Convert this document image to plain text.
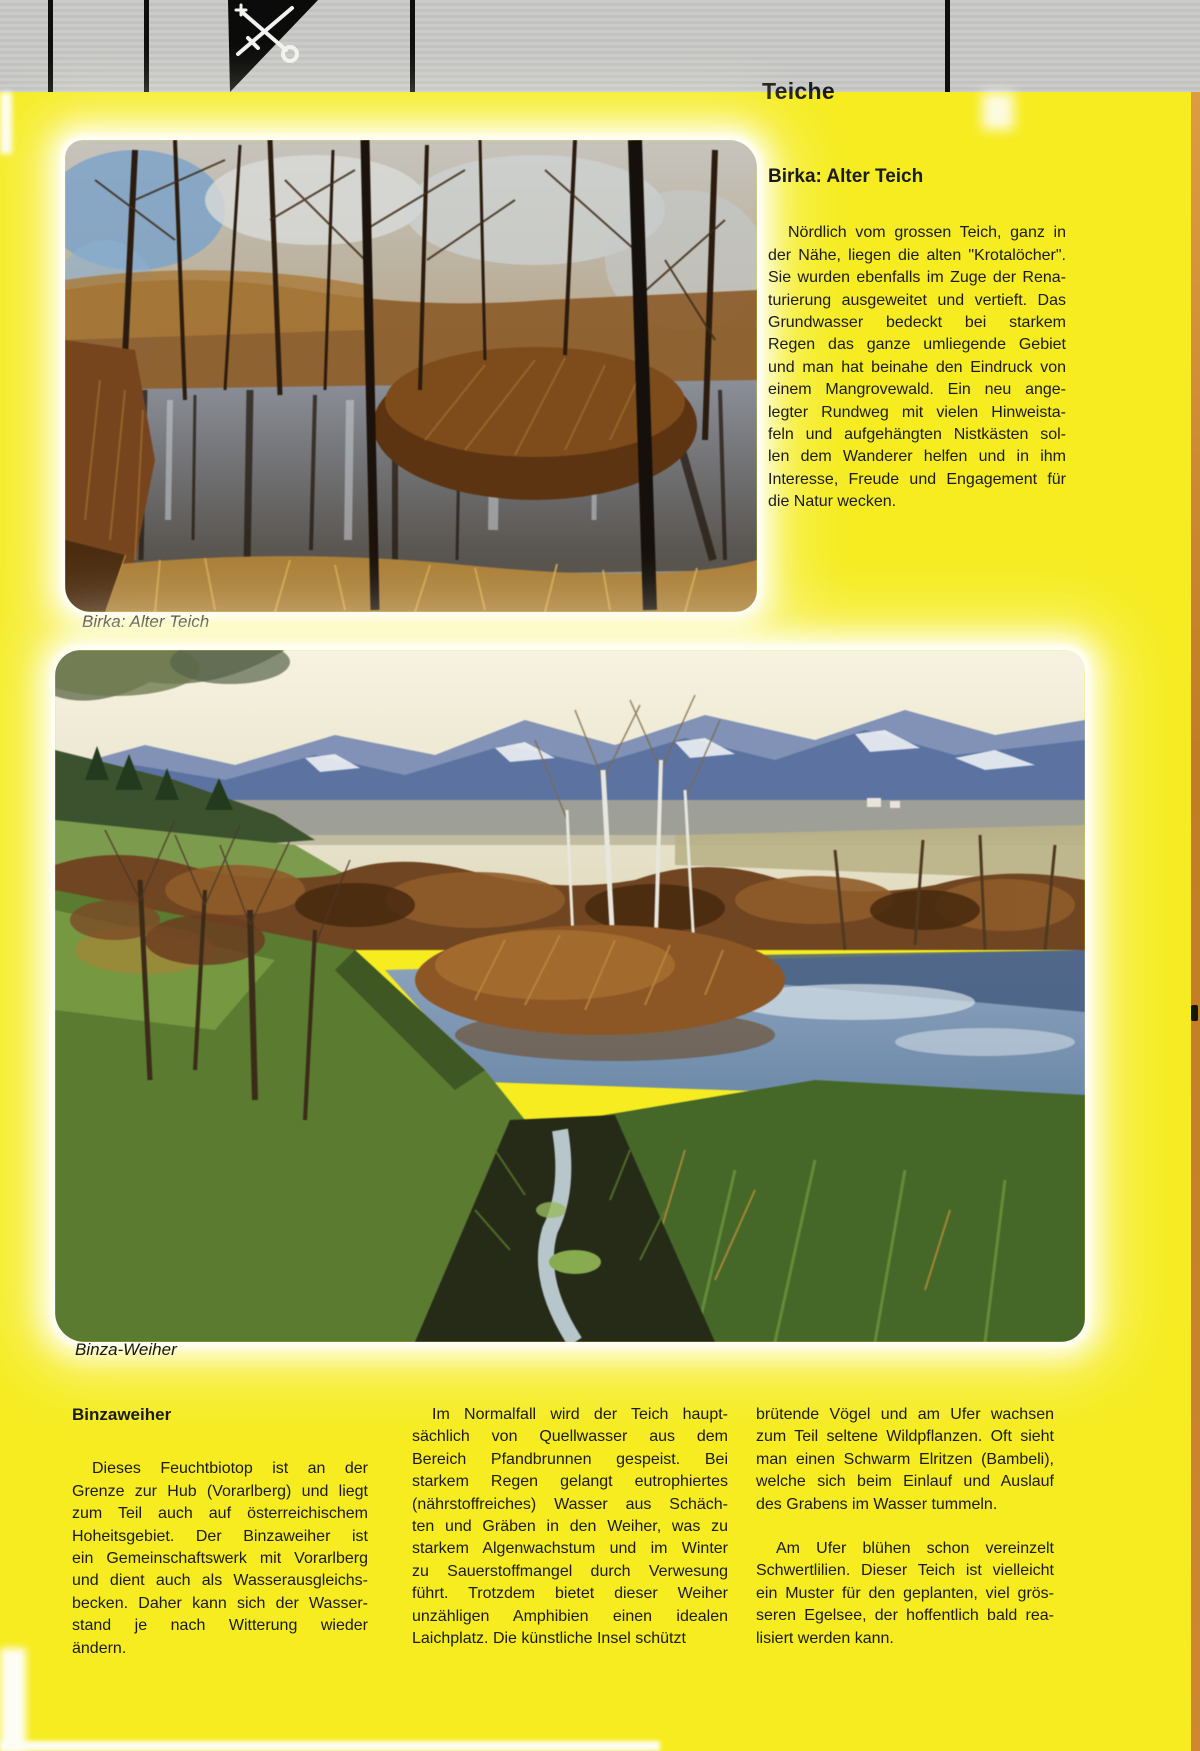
Teiche
Birka: Alter Teich
Birka: Alter Teich
Nördlich vom grossen Teich, ganz in
der Nähe, liegen die alten "Krotalöcher".
Sie wurden ebenfalls im Zuge der Rena-
turierung ausgeweitet und vertieft. Das
Grundwasser bedeckt bei starkem
Regen das ganze umliegende Gebiet
und man hat beinahe den Eindruck von
einem Mangrovewald. Ein neu ange-
legter Rundweg mit vielen Hinweista-
feln und aufgehängten Nistkästen sol-
len dem Wanderer helfen und in ihm
Interesse, Freude und Engagement für
die Natur wecken.
Binza-Weiher
Binzaweiher
Dieses Feuchtbiotop ist an der
Grenze zur Hub (Vorarlberg) und liegt
zum Teil auch auf österreichischem
Hoheitsgebiet. Der Binzaweiher ist
ein Gemeinschaftswerk mit Vorarlberg
und dient auch als Wasserausgleichs-
becken. Daher kann sich der Wasser-
stand je nach Witterung wieder
ändern.
Im Normalfall wird der Teich haupt-
sächlich von Quellwasser aus dem
Bereich Pfandbrunnen gespeist. Bei
starkem Regen gelangt eutrophiertes
(nährstoffreiches) Wasser aus Schäch-
ten und Gräben in den Weiher, was zu
starkem Algenwachstum und im Winter
zu Sauerstoffmangel durch Verwesung
führt. Trotzdem bietet dieser Weiher
unzähligen Amphibien einen idealen
Laichplatz. Die künstliche Insel schützt
brütende Vögel und am Ufer wachsen
zum Teil seltene Wildpflanzen. Oft sieht
man einen Schwarm Elritzen (Bambeli),
welche sich beim Einlauf und Auslauf
des Grabens im Wasser tummeln.
Am Ufer blühen schon vereinzelt
Schwertlilien. Dieser Teich ist vielleicht
ein Muster für den geplanten, viel grös-
seren Egelsee, der hoffentlich bald rea-
lisiert werden kann.
